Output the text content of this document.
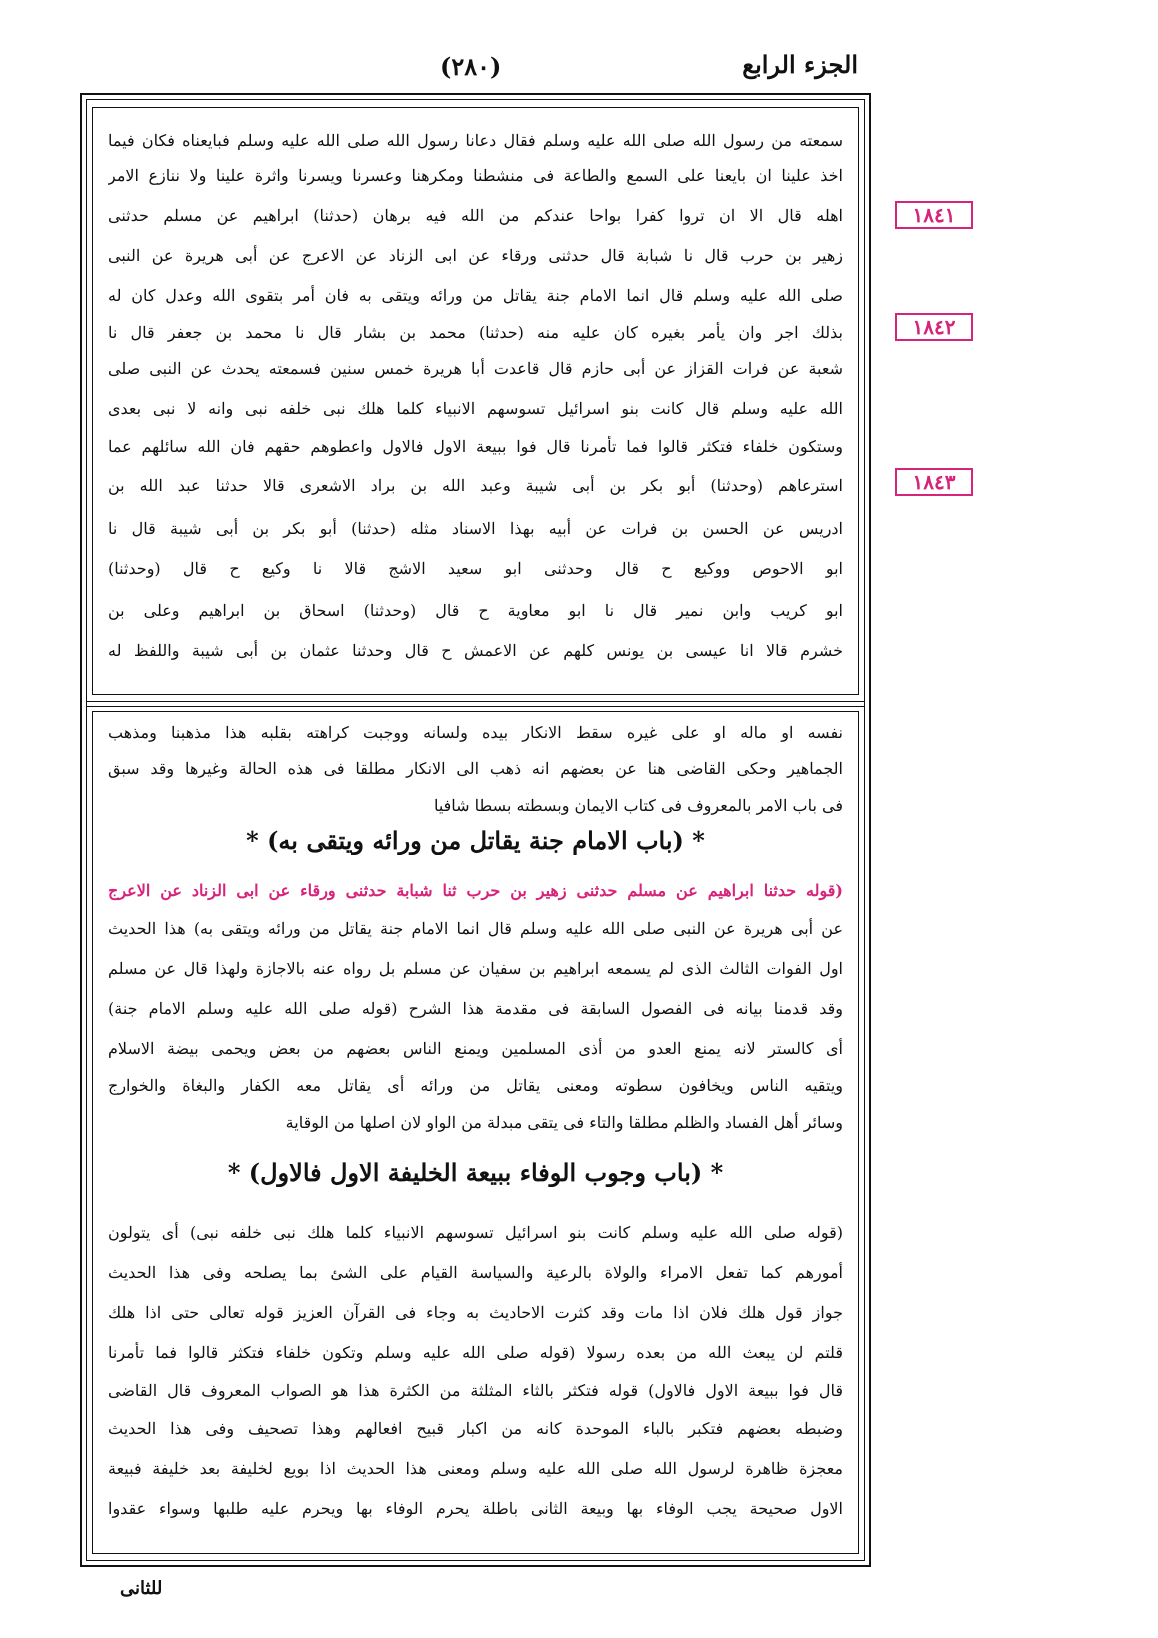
الجزء الرابع
(٢٨٠)
١٨٤١
١٨٤٢
١٨٤٣
سمعته من رسول الله صلى الله عليه وسلم فقال دعانا رسول الله صلى الله عليه وسلم فبايعناه فكان فيما
اخذ علينا ان بايعنا على السمع والطاعة فى منشطنا ومكرهنا وعسرنا ويسرنا واثرة علينا ولا ننازع الامر
اهله قال الا ان تروا كفرا بواحا عندكم من الله فيه برهان (حدثنا) ابراهيم عن مسلم حدثنى
زهير بن حرب قال نا شبابة قال حدثنى ورقاء عن ابى الزناد عن الاعرج عن أبى هريرة عن النبى
صلى الله عليه وسلم قال انما الامام جنة يقاتل من ورائه ويتقى به فان أمر بتقوى الله وعدل كان له
بذلك اجر وان يأمر بغيره كان عليه منه (حدثنا) محمد بن بشار قال نا محمد بن جعفر قال نا
شعبة عن فرات القزاز عن أبى حازم قال قاعدت أبا هريرة خمس سنين فسمعته يحدث عن النبى صلى
الله عليه وسلم قال كانت بنو اسرائيل تسوسهم الانبياء كلما هلك نبى خلفه نبى وانه لا نبى بعدى
وستكون خلفاء فتكثر قالوا فما تأمرنا قال فوا ببيعة الاول فالاول واعطوهم حقهم فان الله سائلهم عما
استرعاهم (وحدثنا) أبو بكر بن أبى شيبة وعبد الله بن براد الاشعرى قالا حدثنا عبد الله بن
ادريس عن الحسن بن فرات عن أبيه بهذا الاسناد مثله (حدثنا) أبو بكر بن أبى شيبة قال نا
ابو الاحوص ووكيع ح قال وحدثنى ابو سعيد الاشج قالا نا وكيع ح قال (وحدثنا)
ابو كريب وابن نمير قال نا ابو معاوية ح قال (وحدثنا) اسحاق بن ابراهيم وعلى بن
خشرم قالا انا عيسى بن يونس كلهم عن الاعمش ح قال وحدثنا عثمان بن أبى شيبة واللفظ له
نفسه او ماله او على غيره سقط الانكار بيده ولسانه ووجبت كراهته بقلبه هذا مذهبنا ومذهب
الجماهير وحكى القاضى هنا عن بعضهم انه ذهب الى الانكار مطلقا فى هذه الحالة وغيرها وقد سبق
فى باب الامر بالمعروف فى كتاب الايمان وبسطته بسطا شافيا
* (باب الامام جنة يقاتل من ورائه ويتقى به) *
(قوله حدثنا ابراهيم عن مسلم حدثنى زهير بن حرب ثنا شبابة حدثنى ورقاء عن ابى الزناد عن الاعرج
عن أبى هريرة عن النبى صلى الله عليه وسلم قال انما الامام جنة يقاتل من ورائه ويتقى به) هذا الحديث
اول الفوات الثالث الذى لم يسمعه ابراهيم بن سفيان عن مسلم بل رواه عنه بالاجازة ولهذا قال عن مسلم
وقد قدمنا بيانه فى الفصول السابقة فى مقدمة هذا الشرح (قوله صلى الله عليه وسلم الامام جنة)
أى كالستر لانه يمنع العدو من أذى المسلمين ويمنع الناس بعضهم من بعض ويحمى بيضة الاسلام
ويتقيه الناس ويخافون سطوته ومعنى يقاتل من ورائه أى يقاتل معه الكفار والبغاة والخوارج
وسائر أهل الفساد والظلم مطلقا والتاء فى يتقى مبدلة من الواو لان اصلها من الوقاية
* (باب وجوب الوفاء ببيعة الخليفة الاول فالاول) *
(قوله صلى الله عليه وسلم كانت بنو اسرائيل تسوسهم الانبياء كلما هلك نبى خلفه نبى) أى يتولون
أمورهم كما تفعل الامراء والولاة بالرعية والسياسة القيام على الشئ بما يصلحه وفى هذا الحديث
جواز قول هلك فلان اذا مات وقد كثرت الاحاديث به وجاء فى القرآن العزيز قوله تعالى حتى اذا هلك
قلتم لن يبعث الله من بعده رسولا (قوله صلى الله عليه وسلم وتكون خلفاء فتكثر قالوا فما تأمرنا
قال فوا ببيعة الاول فالاول) قوله فتكثر بالثاء المثلثة من الكثرة هذا هو الصواب المعروف قال القاضى
وضبطه بعضهم فتكبر بالباء الموحدة كانه من اكبار قبيح افعالهم وهذا تصحيف وفى هذا الحديث
معجزة ظاهرة لرسول الله صلى الله عليه وسلم ومعنى هذا الحديث اذا بويع لخليفة بعد خليفة فبيعة
الاول صحيحة يجب الوفاء بها وبيعة الثانى باطلة يحرم الوفاء بها ويحرم عليه طلبها وسواء عقدوا
للثانى
